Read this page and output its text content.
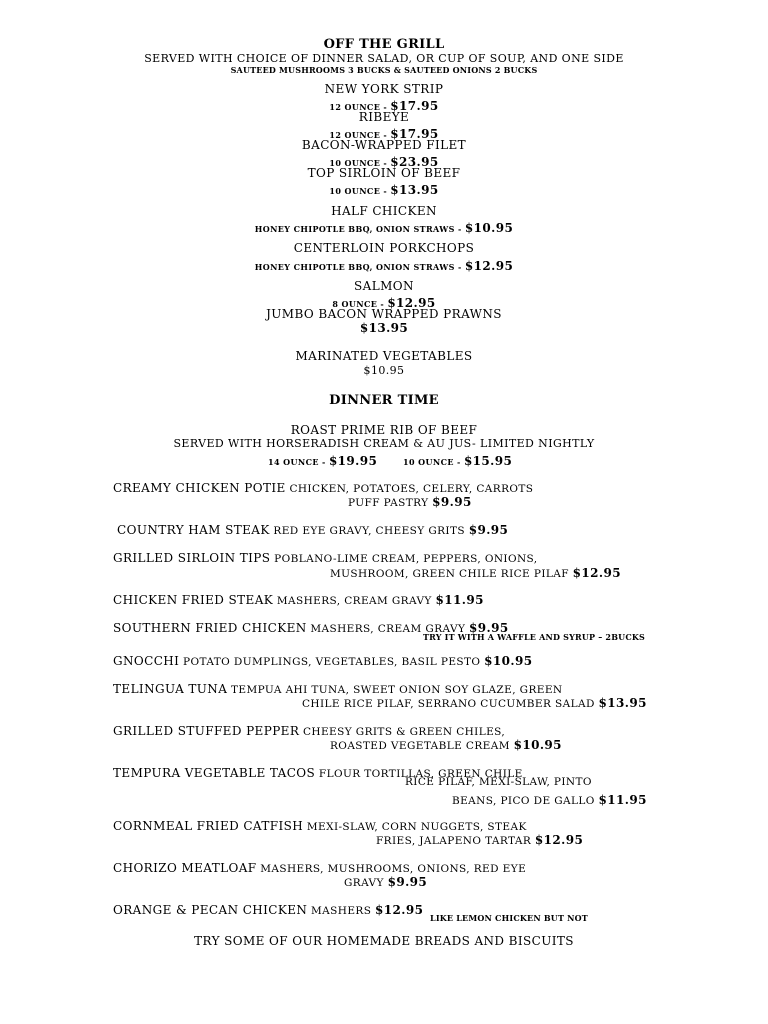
OFF THE GRILL
SERVED WITH CHOICE OF DINNER SALAD, OR CUP OF SOUP, AND ONE SIDE
SAUTEED MUSHROOMS 3 BUCKS & SAUTEED ONIONS 2 BUCKS
NEW YORK STRIP
12 OUNCE - $17.95
RIBEYE
12 OUNCE - $17.95
BACON-WRAPPED FILET
10 OUNCE - $23.95
TOP SIRLOIN OF BEEF
10 OUNCE - $13.95
HALF CHICKEN
HONEY CHIPOTLE BBQ, ONION STRAWS - $10.95
CENTERLOIN PORKCHOPS
HONEY CHIPOTLE BBQ, ONION STRAWS - $12.95
SALMON
8 OUNCE - $12.95
JUMBO BACON WRAPPED PRAWNS
$13.95
MARINATED VEGETABLES
$10.95
DINNER TIME
ROAST PRIME RIB OF BEEF
SERVED WITH HORSERADISH CREAM & AU JUS- LIMITED NIGHTLY
14 OUNCE - $19.95	10 OUNCE - $15.95
CREAMY CHICKEN POTIE CHICKEN, POTATOES, CELERY, CARROTS
PUFF PASTRY $9.95
COUNTRY HAM STEAK RED EYE GRAVY, CHEESY GRITS $9.95
GRILLED SIRLOIN TIPS POBLANO-LIME CREAM, PEPPERS, ONIONS,
MUSHROOM, GREEN CHILE RICE PILAF $12.95
CHICKEN FRIED STEAK MASHERS, CREAM GRAVY $11.95
SOUTHERN FRIED CHICKEN MASHERS, CREAM GRAVY $9.95
TRY IT WITH A WAFFLE AND SYRUP – 2BUCKS
GNOCCHI POTATO DUMPLINGS, VEGETABLES, BASIL PESTO $10.95
TELINGUA TUNA TEMPUA AHI TUNA, SWEET ONION SOY GLAZE, GREEN
CHILE RICE PILAF, SERRANO CUCUMBER SALAD $13.95
GRILLED STUFFED PEPPER CHEESY GRITS & GREEN CHILES,
ROASTED VEGETABLE CREAM $10.95
TEMPURA VEGETABLE TACOS FLOUR TORTILLAS, GREEN CHILE
RICE PILAF, MEXI-SLAW, PINTO
BEANS, PICO DE GALLO $11.95
CORNMEAL FRIED CATFISH MEXI-SLAW, CORN NUGGETS, STEAK
FRIES, JALAPENO TARTAR $12.95
CHORIZO MEATLOAF MASHERS, MUSHROOMS, ONIONS, RED EYE
GRAVY $9.95
ORANGE & PECAN CHICKEN MASHERS $12.95
LIKE LEMON CHICKEN BUT NOT
TRY SOME OF OUR HOMEMADE BREADS AND BISCUITS
